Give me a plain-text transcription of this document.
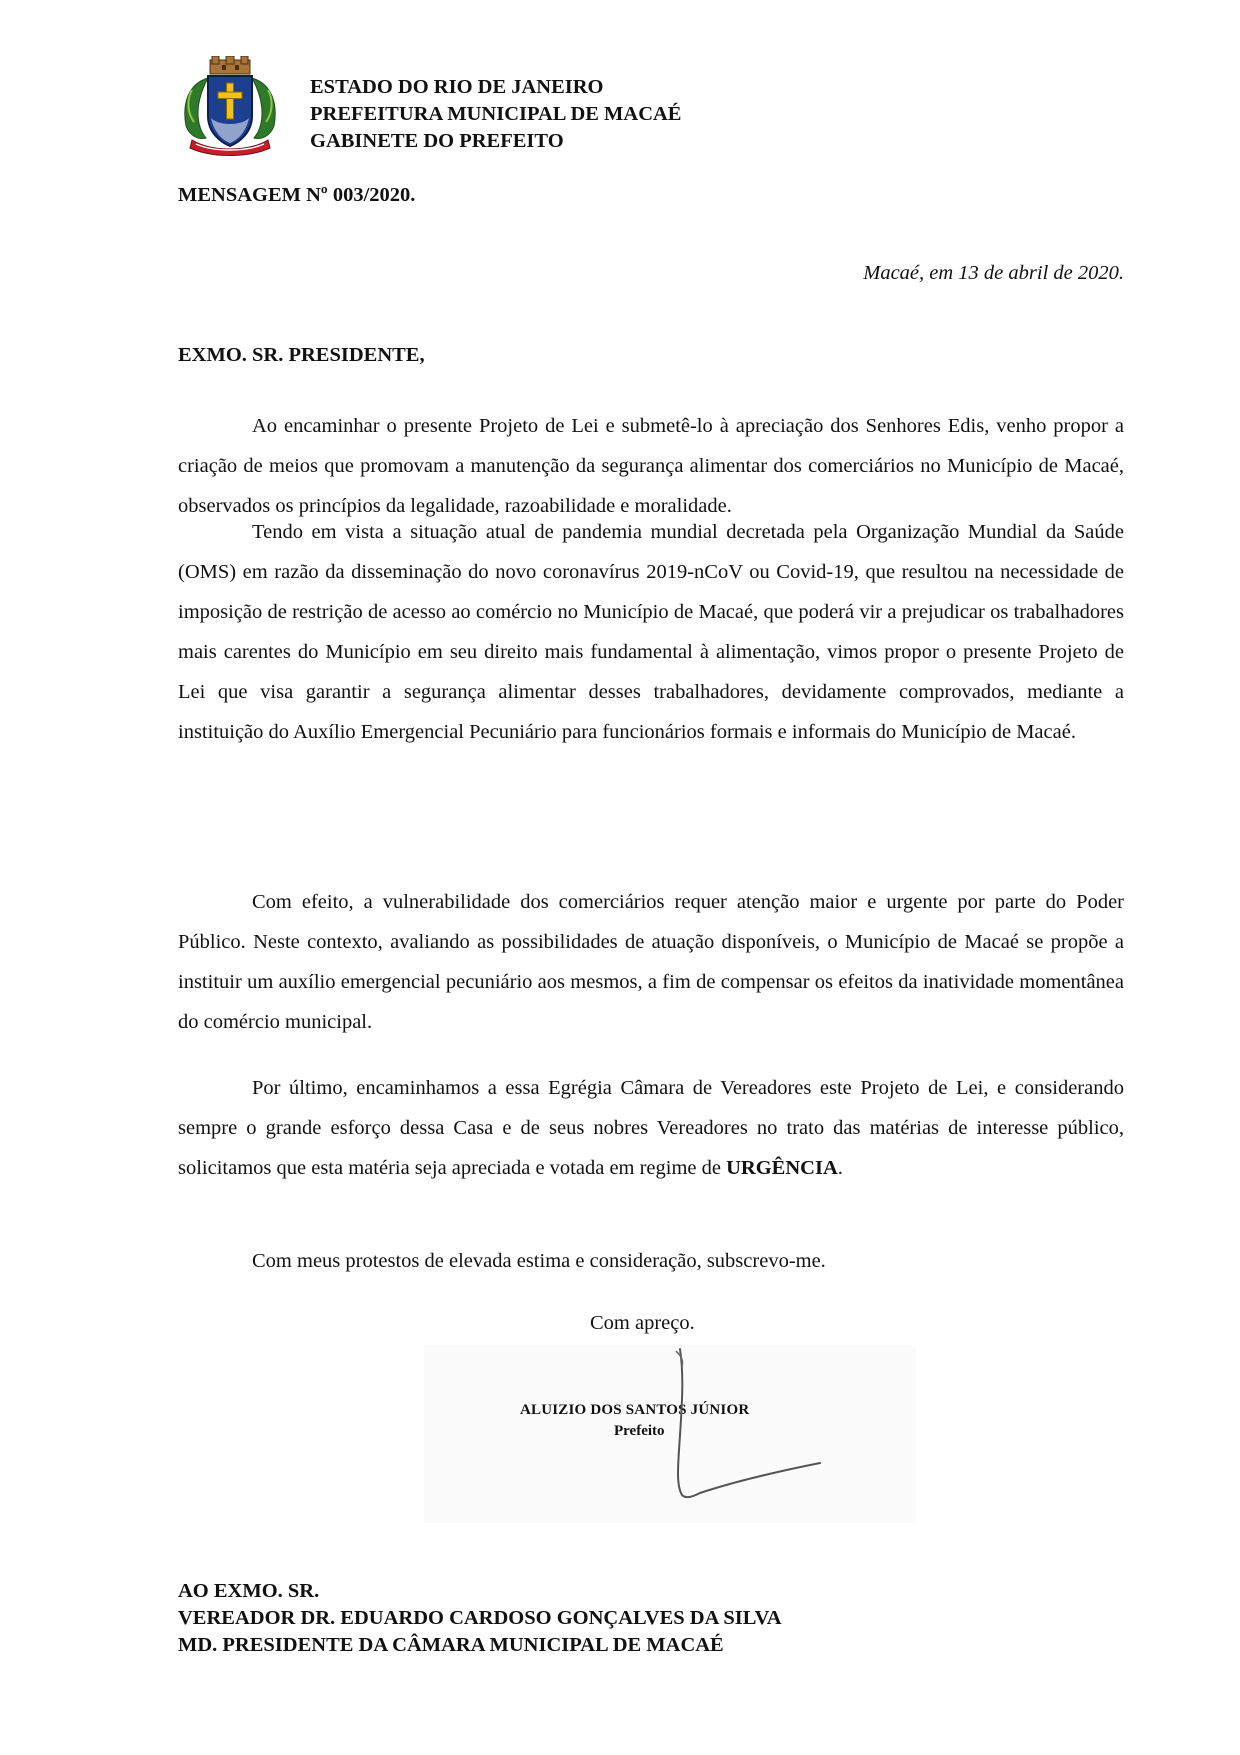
ESTADO DO RIO DE JANEIRO
PREFEITURA MUNICIPAL DE MACAÉ
GABINETE DO PREFEITO
MENSAGEM Nº 003/2020.
Macaé, em 13 de abril de 2020.
EXMO. SR. PRESIDENTE,

Ao encaminhar o presente Projeto de Lei e submetê-lo à apreciação dos Senhores Edis, venho propor a criação de meios que promovam a manutenção da segurança alimentar dos comerciários no Município de Macaé, observados os princípios da legalidade, razoabilidade e moralidade.

Tendo em vista a situação atual de pandemia mundial decretada pela Organização Mundial da Saúde (OMS) em razão da disseminação do novo coronavírus 2019-nCoV ou Covid-19, que resultou na necessidade de imposição de restrição de acesso ao comércio no Município de Macaé, que poderá vir a prejudicar os trabalhadores mais carentes do Município em seu direito mais fundamental à alimentação, vimos propor o presente Projeto de Lei que visa garantir a segurança alimentar desses trabalhadores, devidamente comprovados, mediante a instituição do Auxílio Emergencial Pecuniário para funcionários formais e informais do Município de Macaé.

Com efeito, a vulnerabilidade dos comerciários requer atenção maior e urgente por parte do Poder Público. Neste contexto, avaliando as possibilidades de atuação disponíveis, o Município de Macaé se propõe a instituir um auxílio emergencial pecuniário aos mesmos, a fim de compensar os efeitos da inatividade momentânea do comércio municipal.

Por último, encaminhamos a essa Egrégia Câmara de Vereadores este Projeto de Lei, e considerando sempre o grande esforço dessa Casa e de seus nobres Vereadores no trato das matérias de interesse público, solicitamos que esta matéria seja apreciada e votada em regime de URGÊNCIA.

Com meus protestos de elevada estima e consideração, subscrevo-me.
Com apreço.
ALUIZIO DOS SANTOS JÚNIOR
Prefeito
AO EXMO. SR.
VEREADOR DR. EDUARDO CARDOSO GONÇALVES DA SILVA
MD. PRESIDENTE DA CÂMARA MUNICIPAL DE MACAÉ
